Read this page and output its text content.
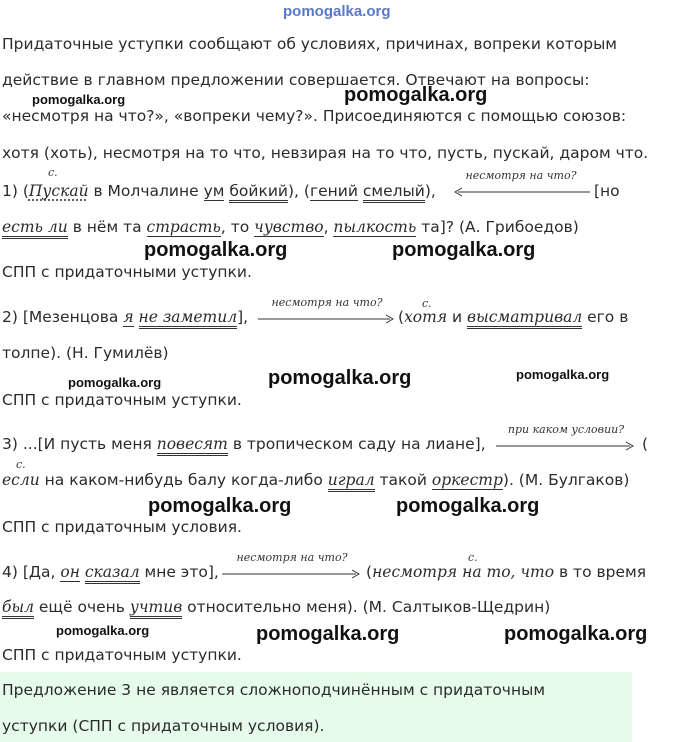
pomogalka.org
Придаточные уступки сообщают об условиях, причинах, вопреки которым
действие в главном предложении совершается. Отвечают на вопросы:
pomogalka.org	pomogalka.org
«несмотря на что?», «вопреки чему?». Присоединяются с помощью союзов:
хотя (хоть), несмотря на то что, невзирая на то что, пусть, пускай, даром что.
с.
1) (Пускай в Молчалине ум бойкий), (гений смелый),
несмотря на что?
[но
есть ли в нём та страсть, то чувство, пылкость та]? (А. Грибоедов)
pomogalka.org	pomogalka.org
СПП с придаточными уступки.
2) [Мезенцова я не заметил],
несмотря на что?	с.
(хотя и высматривал его в
толпе). (Н. Гумилёв)
pomogalka.org	pomogalka.org	pomogalka.org
СПП с придаточным уступки.
3) ...[И пусть меня повесят в тропическом саду на лиане],
при каком условии?
(
с.
если на каком-нибудь балу когда-либо играл такой оркестр). (М. Булгаков)
pomogalka.org	pomogalka.org
СПП с придаточным условия.
4) [Да, он сказал мне это],
несмотря на что?	с.
(несмотря на то, что в то время
был ещё очень учтив относительно меня). (М. Салтыков-Щедрин)
pomogalka.org	pomogalka.org	pomogalka.org
СПП с придаточным уступки.
Предложение 3 не является сложноподчинённым с придаточным
уступки (СПП с придаточным условия).
